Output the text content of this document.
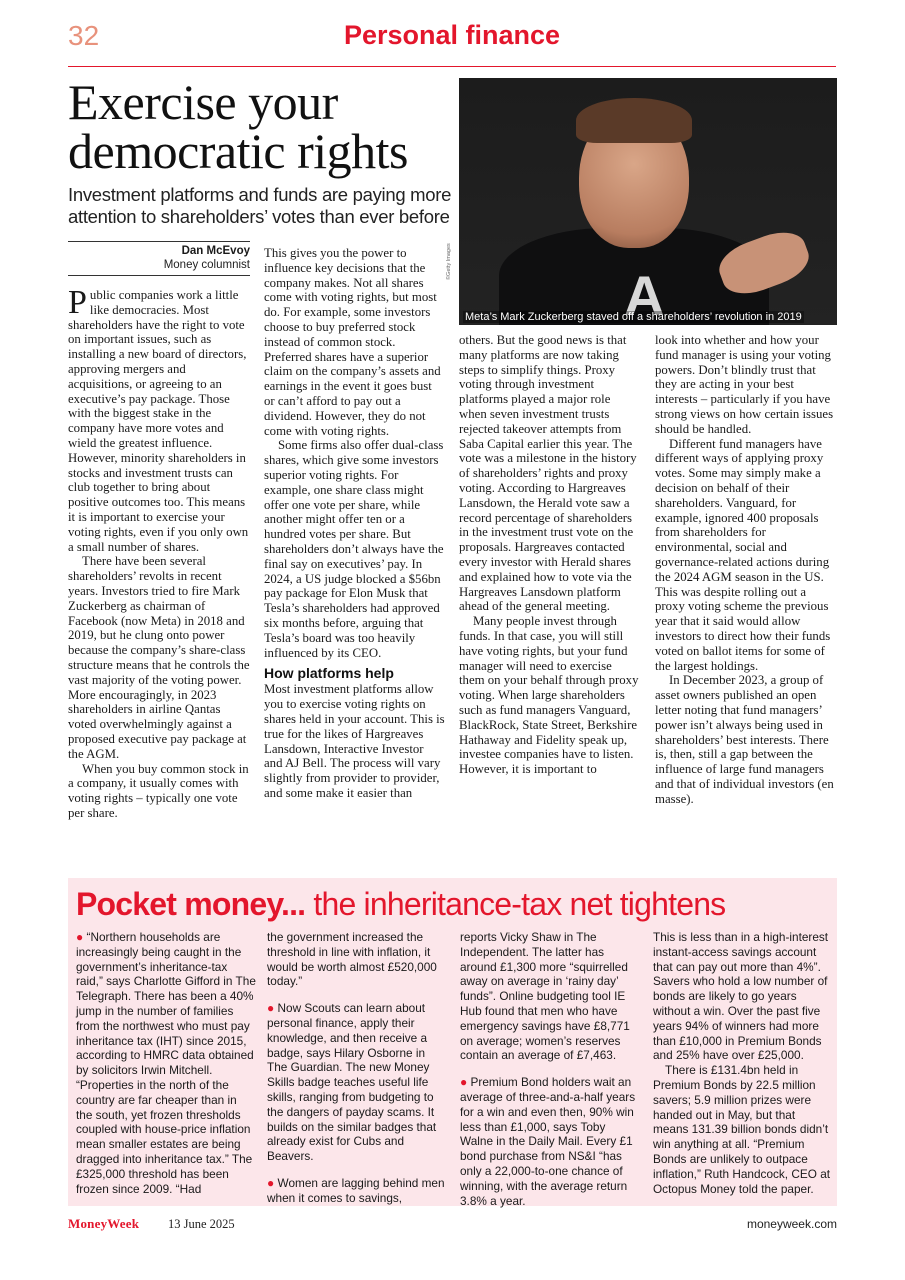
32	Personal finance
Exercise your democratic rights
Investment platforms and funds are paying more attention to shareholders’ votes than ever before
Dan McEvoy
Money columnist	A
Meta’s Mark Zuckerberg staved off a shareholders’ revolution in 2019
©Getty Images

Public companies work a little like democracies. Most shareholders have the right to vote on important issues, such as installing a new board of directors, approving mergers and acquisitions, or agreeing to an executive’s pay package. Those with the biggest stake in the company have more votes and wield the greatest influence. However, minority shareholders in stocks and investment trusts can club together to bring about positive outcomes too. This means it is important to exercise your voting rights, even if you only own a small number of shares.

There have been several shareholders’ revolts in recent years. Investors tried to fire Mark Zuckerberg as chairman of Facebook (now Meta) in 2018 and 2019, but he clung onto power because the company’s share-class structure means that he controls the vast majority of the voting power. More encouragingly, in 2023 shareholders in airline Qantas voted overwhelmingly against a proposed executive pay package at the AGM.

When you buy common stock in a company, it usually comes with voting rights – typically one vote per share.

This gives you the power to influence key decisions that the company makes. Not all shares come with voting rights, but most do. For example, some investors choose to buy preferred stock instead of common stock. Preferred shares have a superior claim on the company’s assets and earnings in the event it goes bust or can’t afford to pay out a dividend. However, they do not come with voting rights.

Some firms also offer dual-class shares, which give some investors superior voting rights. For example, one share class might offer one vote per share, while another might offer ten or a hundred votes per share. But shareholders don’t always have the final say on executives’ pay. In 2024, a US judge blocked a $56bn pay package for Elon Musk that Tesla’s shareholders had approved six months before, arguing that Tesla’s board was too heavily influenced by its CEO.

How platforms help

Most investment platforms allow you to exercise voting rights on shares held in your account. This is true for the likes of Hargreaves Lansdown, Interactive Investor and AJ Bell. The process will vary slightly from provider to provider, and some make it easier than

others. But the good news is that many platforms are now taking steps to simplify things. Proxy voting through investment platforms played a major role when seven investment trusts rejected takeover attempts from Saba Capital earlier this year. The vote was a milestone in the history of shareholders’ rights and proxy voting. According to Hargreaves Lansdown, the Herald vote saw a record percentage of shareholders in the investment trust vote on the proposals. Hargreaves contacted every investor with Herald shares and explained how to vote via the Hargreaves Lansdown platform ahead of the general meeting.

Many people invest through funds. In that case, you will still have voting rights, but your fund manager will need to exercise them on your behalf through proxy voting. When large shareholders such as fund managers Vanguard, BlackRock, State Street, Berkshire Hathaway and Fidelity speak up, investee companies have to listen. However, it is important to

look into whether and how your fund manager is using your voting powers. Don’t blindly trust that they are acting in your best interests – particularly if you have strong views on how certain issues should be handled.

Different fund managers have different ways of applying proxy votes. Some may simply make a decision on behalf of their shareholders. Vanguard, for example, ignored 400 proposals from shareholders for environmental, social and governance-related actions during the 2024 AGM season in the US. This was despite rolling out a proxy voting scheme the previous year that it said would allow investors to direct how their funds voted on ballot items for some of the largest holdings.

In December 2023, a group of asset owners published an open letter noting that fund managers’ power isn’t always being used in shareholders’ best interests. There is, then, still a gap between the influence of large fund managers and that of individual investors (en masse).

Pocket money... the inheritance-tax net tightens

● “Northern households are increasingly being caught in the government’s inheritance-tax raid,” says Charlotte Gifford in The Telegraph. There has been a 40% jump in the number of families from the northwest who must pay inheritance tax (IHT) since 2015, according to HMRC data obtained by solicitors Irwin Mitchell. “Properties in the north of the country are far cheaper than in the south, yet frozen thresholds coupled with house-price inflation mean smaller estates are being dragged into inheritance tax.” The £325,000 threshold has been frozen since 2009. “Had

the government increased the threshold in line with inflation, it would be worth almost £520,000 today.”

● Now Scouts can learn about personal finance, apply their knowledge, and then receive a badge, says Hilary Osborne in The Guardian. The new Money Skills badge teaches useful life skills, ranging from budgeting to the dangers of payday scams. It builds on the similar badges that already exist for Cubs and Beavers.

● Women are lagging behind men when it comes to savings,

reports Vicky Shaw in The Independent. The latter has around £1,300 more “squirrelled away on average in ‘rainy day’ funds”. Online budgeting tool IE Hub found that men who have emergency savings have £8,771 on average; women’s reserves contain an average of £7,463.

● Premium Bond holders wait an average of three-and-a-half years for a win and even then, 90% win less than £1,000, says Toby Walne in the Daily Mail. Every £1 bond purchase from NS&I “has only a 22,000-to-one chance of winning, with the average return 3.8% a year.

This is less than in a high-interest instant-access savings account that can pay out more than 4%”. Savers who hold a low number of bonds are likely to go years without a win. Over the past five years 94% of winners had more than £10,000 in Premium Bonds and 25% have over £25,000.

There is £131.4bn held in Premium Bonds by 22.5 million savers; 5.9 million prizes were handed out in May, but that means 131.39 billion bonds didn’t win anything at all. “Premium Bonds are unlikely to outpace inflation,” Ruth Handcock, CEO at Octopus Money told the paper.

MoneyWeek 13 June 2025	moneyweek.com
